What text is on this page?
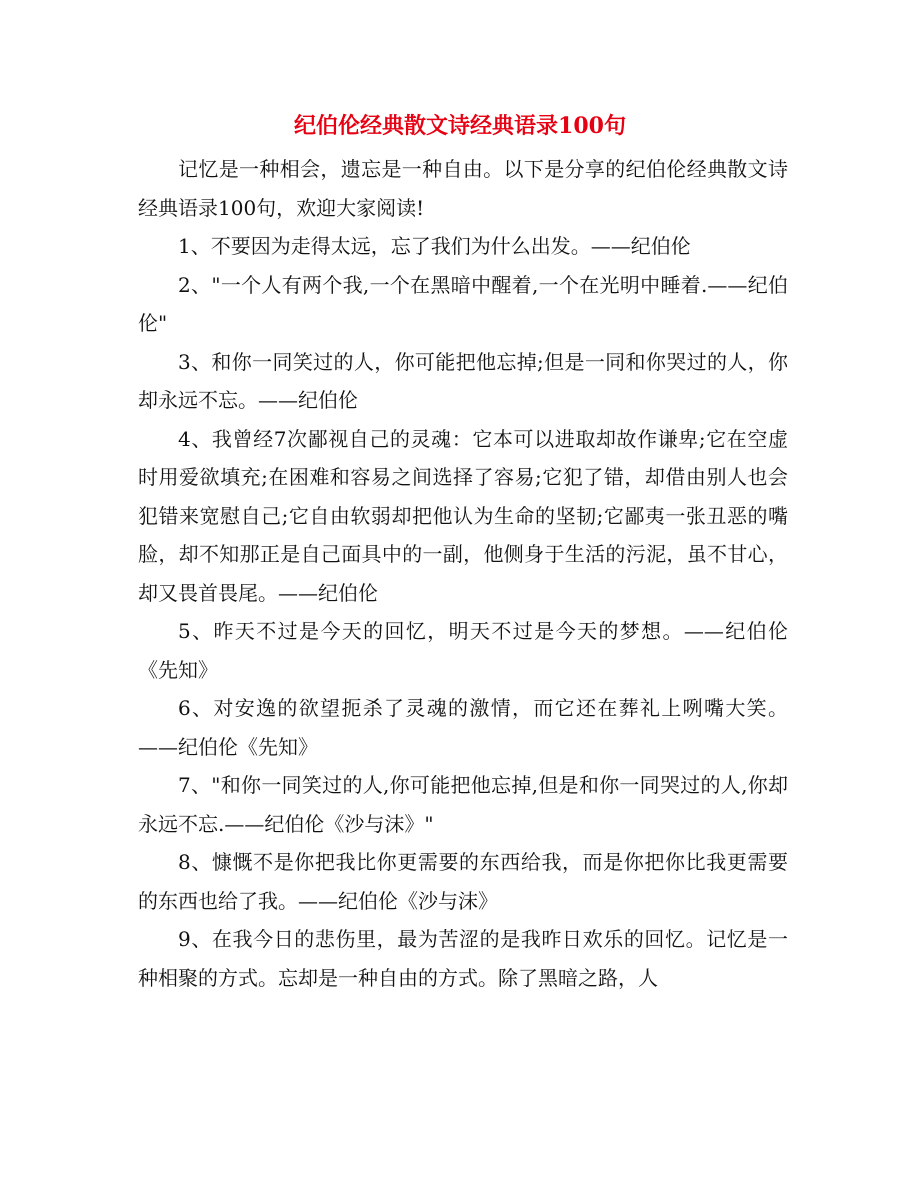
纪伯伦经典散文诗经典语录100句

记忆是一种相会，遗忘是一种自由。以下是分享的纪伯伦经典散文诗经典语录100句，欢迎大家阅读!

1、不要因为走得太远，忘了我们为什么出发。——纪伯伦

2、"一个人有两个我,一个在黑暗中醒着,一个在光明中睡着.——纪伯伦"

3、和你一同笑过的人，你可能把他忘掉;但是一同和你哭过的人，你却永远不忘。——纪伯伦

4、我曾经7次鄙视自己的灵魂：它本可以进取却故作谦卑;它在空虚时用爱欲填充;在困难和容易之间选择了容易;它犯了错，却借由别人也会犯错来宽慰自己;它自由软弱却把他认为生命的坚韧;它鄙夷一张丑恶的嘴脸，却不知那正是自己面具中的一副，他侧身于生活的污泥，虽不甘心，却又畏首畏尾。——纪伯伦

5、昨天不过是今天的回忆，明天不过是今天的梦想。——纪伯伦《先知》

6、对安逸的欲望扼杀了灵魂的激情，而它还在葬礼上咧嘴大笑。——纪伯伦《先知》

7、"和你一同笑过的人,你可能把他忘掉,但是和你一同哭过的人,你却永远不忘.——纪伯伦《沙与沫》"

8、慷慨不是你把我比你更需要的东西给我，而是你把你比我更需要的东西也给了我。——纪伯伦《沙与沫》

9、在我今日的悲伤里，最为苦涩的是我昨日欢乐的回忆。记忆是一种相聚的方式。忘却是一种自由的方式。除了黑暗之路，人
